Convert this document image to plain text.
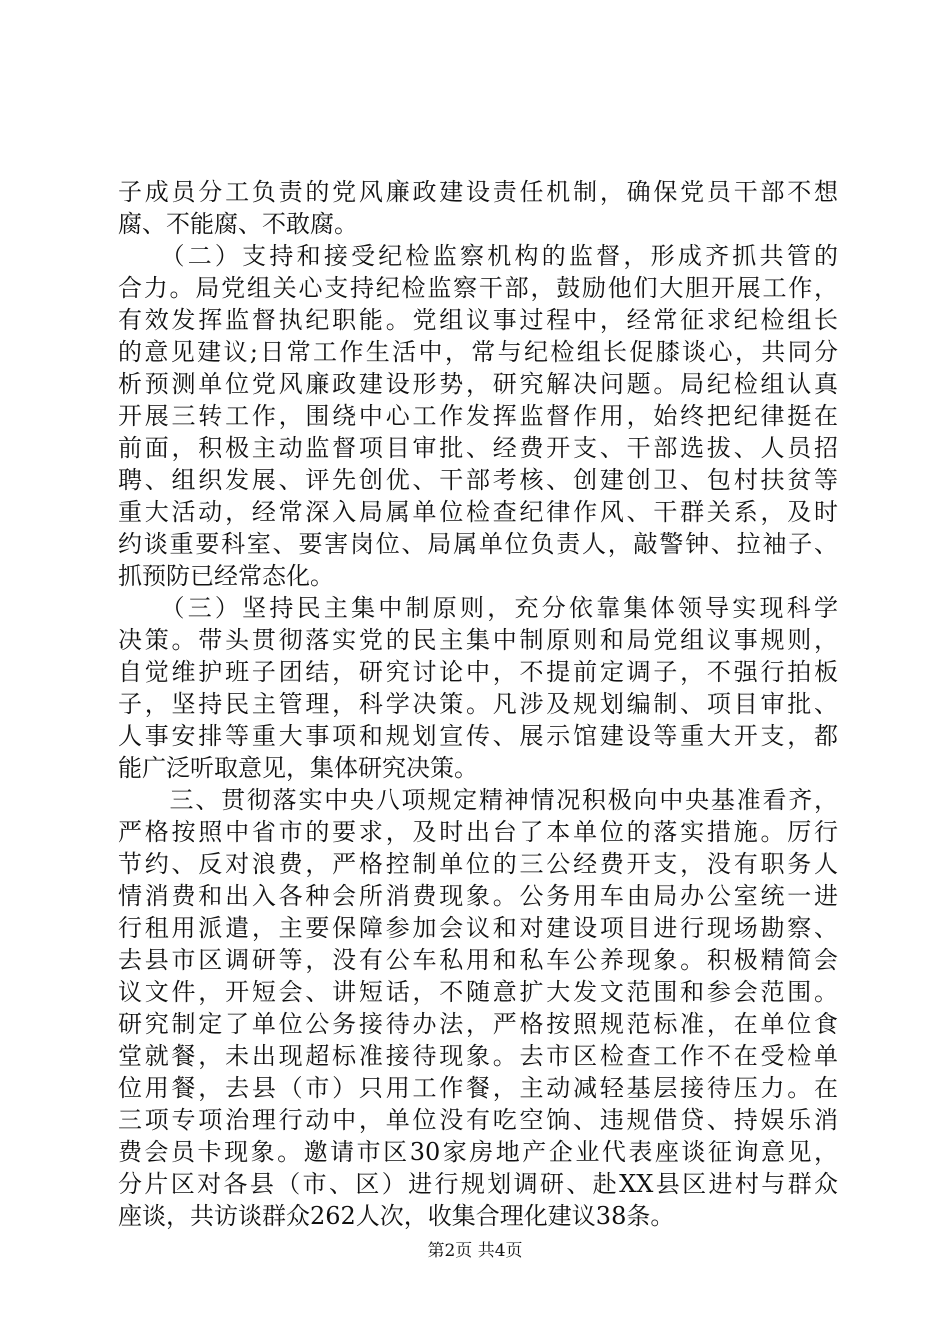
子成员分工负责的党风廉政建设责任机制，确保党员干部不想
腐、不能腐、不敢腐。
　　（二）支持和接受纪检监察机构的监督，形成齐抓共管的
合力。局党组关心支持纪检监察干部，鼓励他们大胆开展工作，
有效发挥监督执纪职能。党组议事过程中，经常征求纪检组长
的意见建议;日常工作生活中，常与纪检组长促膝谈心，共同分
析预测单位党风廉政建设形势，研究解决问题。局纪检组认真
开展三转工作，围绕中心工作发挥监督作用，始终把纪律挺在
前面，积极主动监督项目审批、经费开支、干部选拔、人员招
聘、组织发展、评先创优、干部考核、创建创卫、包村扶贫等
重大活动，经常深入局属单位检查纪律作风、干群关系，及时
约谈重要科室、要害岗位、局属单位负责人，敲警钟、拉袖子、
抓预防已经常态化。
　　（三）坚持民主集中制原则，充分依靠集体领导实现科学
决策。带头贯彻落实党的民主集中制原则和局党组议事规则，
自觉维护班子团结，研究讨论中，不提前定调子，不强行拍板
子，坚持民主管理，科学决策。凡涉及规划编制、项目审批、
人事安排等重大事项和规划宣传、展示馆建设等重大开支，都
能广泛听取意见，集体研究决策。
　　三、贯彻落实中央八项规定精神情况积极向中央基准看齐，
严格按照中省市的要求，及时出台了本单位的落实措施。厉行
节约、反对浪费，严格控制单位的三公经费开支，没有职务人
情消费和出入各种会所消费现象。公务用车由局办公室统一进
行租用派遣，主要保障参加会议和对建设项目进行现场勘察、
去县市区调研等，没有公车私用和私车公养现象。积极精简会
议文件，开短会、讲短话，不随意扩大发文范围和参会范围。
研究制定了单位公务接待办法，严格按照规范标准，在单位食
堂就餐，未出现超标准接待现象。去市区检查工作不在受检单
位用餐，去县（市）只用工作餐，主动减轻基层接待压力。在
三项专项治理行动中，单位没有吃空饷、违规借贷、持娱乐消
费会员卡现象。邀请市区30家房地产企业代表座谈征询意见，
分片区对各县（市、区）进行规划调研、赴XX县区进村与群众
座谈，共访谈群众262人次，收集合理化建议38条。
第2页 共4页
